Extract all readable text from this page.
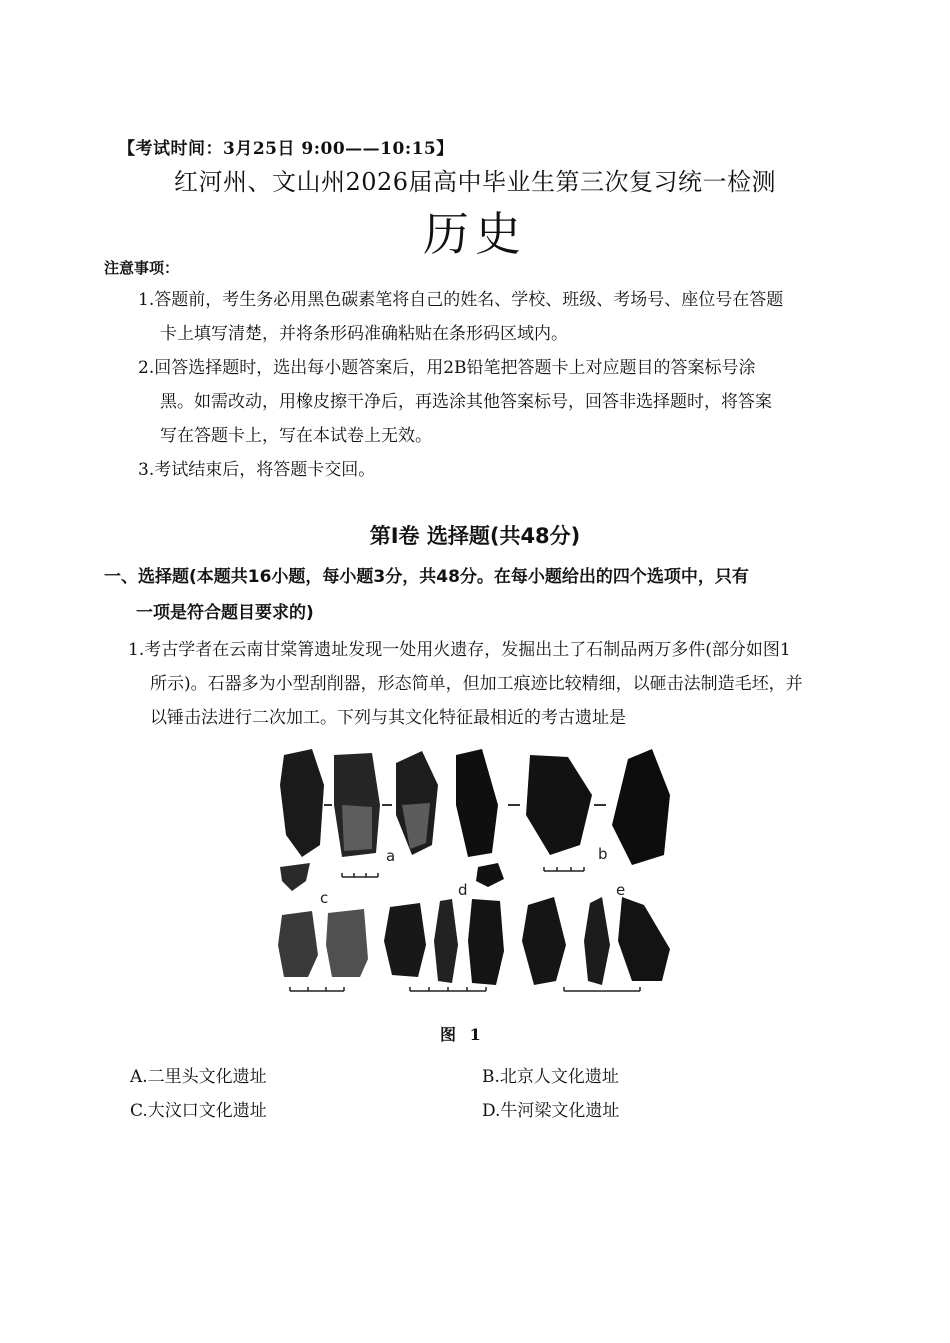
【考试时间：3月25日 9:00——10:15】
红河州、文山州2026届高中毕业生第三次复习统一检测
历史
注意事项：
1.答题前，考生务必用黑色碳素笔将自己的姓名、学校、班级、考场号、座位号在答题
卡上填写清楚，并将条形码准确粘贴在条形码区域内。
2.回答选择题时，选出每小题答案后，用2B铅笔把答题卡上对应题目的答案标号涂
黑。如需改动，用橡皮擦干净后，再选涂其他答案标号，回答非选择题时，将答案
写在答题卡上，写在本试卷上无效。
3.考试结束后，将答题卡交回。
第Ⅰ卷 选择题(共48分)
一、选择题(本题共16小题，每小题3分，共48分。在每小题给出的四个选项中，只有
一项是符合题目要求的)
1.考古学者在云南甘棠箐遗址发现一处用火遗存，发掘出土了石制品两万多件(部分如图1
所示)。石器多为小型刮削器，形态简单，但加工痕迹比较精细，以砸击法制造毛坯，并
以锤击法进行二次加工。下列与其文化特征最相近的考古遗址是
a	b
c	d	e
图 1
A.二里头文化遗址	B.北京人文化遗址
C.大汶口文化遗址	D.牛河梁文化遗址
